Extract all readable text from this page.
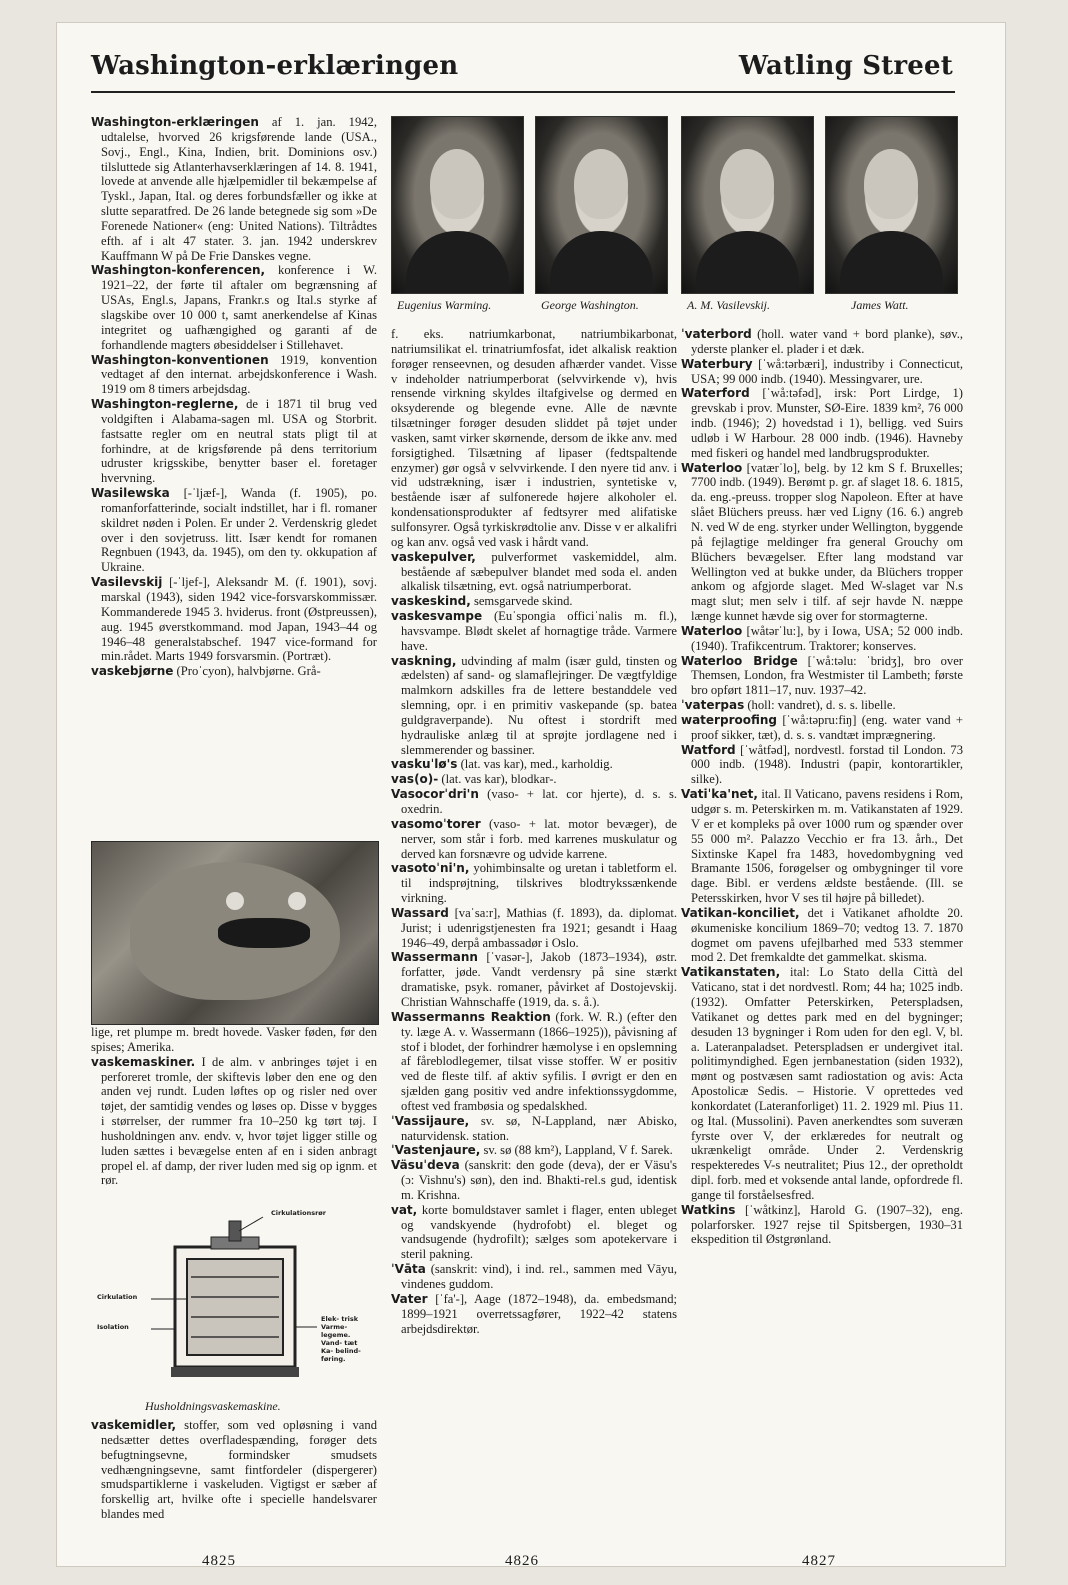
Washington-erklæringen	Watling Street
Eugenius Warming.	George Washington.	A. M. Vasilevskij.	James Watt.
Washington-erklæringen af 1. jan. 1942, udtalelse, hvorved 26 krigsførende lande (USA., Sovj., Engl., Kina, Indien, brit. Dominions osv.) tilsluttede sig Atlanterhavserklæringen af 14. 8. 1941, lovede at anvende alle hjælpemidler til bekæmpelse af Tyskl., Japan, Ital. og deres forbundsfæller og ikke at slutte separatfred. De 26 lande betegnede sig som »De Forenede Nationer« (eng: United Nations). Tiltrådtes efth. af i alt 47 stater. 3. jan. 1942 underskrev Kauffmann W på De Frie Danskes vegne.
Washington-konferencen, konference i W. 1921–22, der førte til aftaler om begrænsning af USAs, Engl.s, Japans, Frankr.s og Ital.s styrke af slagskibe over 10 000 t, samt anerkendelse af Kinas integritet og uafhængighed og garanti af de forhandlende magters øbesiddelser i Stillehavet.
Washington-konventionen 1919, konvention vedtaget af den internat. arbejdskonference i Wash. 1919 om 8 timers arbejdsdag.
Washington-reglerne, de i 1871 til brug ved voldgiften i Alabama-sagen ml. USA og Storbrit. fastsatte regler om en neutral stats pligt til at forhindre, at de krigsførende på dens territorium udruster krigsskibe, benytter baser el. foretager hvervning.
Wasilewska [-ˈljæf-], Wanda (f. 1905), po. romanforfatterinde, socialt indstillet, har i fl. romaner skildret nøden i Polen. Er under 2. Verdenskrig gledet over i den sovjetruss. litt. Især kendt for romanen Regnbuen (1943, da. 1945), om den ty. okkupation af Ukraine.
Vasilevskij [-ˈljef-], Aleksandr M. (f. 1901), sovj. marskal (1943), siden 1942 vice-forsvarskommissær. Kommanderede 1945 3. hviderus. front (Østpreussen), aug. 1945 øverstkommand. mod Japan, 1943–44 og 1946–48 generalstabschef. 1947 vice-formand for min.rådet. Marts 1949 forsvarsmin. (Portræt).
vaskebjørne (Proˈcyon), halvbjørne. Grå-
lige, ret plumpe m. bredt hovede. Vasker føden, før den spises; Amerika.
vaskemaskiner. I de alm. v anbringes tøjet i en perforeret tromle, der skiftevis løber den ene og den anden vej rundt. Luden løftes op og risler ned over tøjet, der samtidig vendes og løses op. Disse v bygges i størrelser, der rummer fra 10–250 kg tørt tøj. I husholdningen anv. endv. v, hvor tøjet ligger stille og luden sættes i bevægelse enten af en i siden anbragt propel el. af damp, der river luden med sig op ignm. et rør.
Cirkulationsrør
Cirkulation
Isolation
Elek- trisk Varme- legeme. Vand- tæt Ka- belind- føring.
Husholdningsvaskemaskine.
vaskemidler, stoffer, som ved opløsning i vand nedsætter dettes overfladespænding, forøger dets befugtningsevne, formindsker smudsets vedhængningsevne, samt fintfordeler (dispergerer) smudspartiklerne i vaskeluden. Vigtigst er sæber af forskellig art, hvilke ofte i specielle handelsvarer blandes med
f. eks. natriumkarbonat, natriumbikarbonat, natriumsilikat el. trinatriumfosfat, idet alkalisk reaktion forøger renseevnen, og desuden afhærder vandet. Visse v indeholder natriumperborat (selvvirkende v), hvis rensende virkning skyldes iltafgivelse og dermed en oksyderende og blegende evne. Alle de nævnte tilsætninger forøger desuden sliddet på tøjet under vasken, samt virker skørnende, dersom de ikke anv. med forsigtighed. Tilsætning af lipaser (fedtspaltende enzymer) gør også v selvvirkende. I den nyere tid anv. i vid udstrækning, især i industrien, syntetiske v, bestående især af sulfonerede højere alkoholer el. kondensationsprodukter af fedtsyrer med alifatiske sulfonsyrer. Også tyrkiskrødtolie anv. Disse v er alkalifri og kan anv. også ved vask i hårdt vand.
vaskepulver, pulverformet vaskemiddel, alm. bestående af sæbepulver blandet med soda el. anden alkalisk tilsætning, evt. også natriumperborat.
vaskeskind, semsgarvede skind.
vaskesvampe (Euˈspongia officiˈnalis m. fl.), havsvampe. Blødt skelet af hornagtige tråde. Varmere have.
vaskning, udvinding af malm (især guld, tinsten og ædelsten) af sand- og slamaflejringer. De vægtfyldige malmkorn adskilles fra de lettere bestanddele ved slemning, opr. i en primitiv vaskepande (sp. batea guldgraverpande). Nu oftest i stordrift med hydrauliske anlæg til at sprøjte jordlagene ned i slemmerender og bassiner.
vaskuˈlø's (lat. vas kar), med., karholdig.
vas(o)- (lat. vas kar), blodkar-.
Vasocorˈdri'n (vaso- + lat. cor hjerte), d. s. s. oxedrin.
vasomoˈtorer (vaso- + lat. motor bevæger), de nerver, som står i forb. med karrenes muskulatur og derved kan forsnævre og udvide karrene.
vasotoˈni'n, yohimbinsalte og uretan i tabletform el. til indsprøjtning, tilskrives blodtrykssænkende virkning.
Wassard [vaˈsa:r], Mathias (f. 1893), da. diplomat. Jurist; i udenrigstjenesten fra 1921; gesandt i Haag 1946–49, derpå ambassadør i Oslo.
Wassermann [ˈvasər-], Jakob (1873–1934), østr. forfatter, jøde. Vandt verdensry på sine stærkt dramatiske, psyk. romaner, påvirket af Dostojevskij. Christian Wahnschaffe (1919, da. s. å.).
Wassermanns Reaktion (fork. W. R.) (efter den ty. læge A. v. Wassermann (1866–1925)), påvisning af stof i blodet, der forhindrer hæmolyse i en opslemning af fåreblodlegemer, tilsat visse stoffer. W er positiv ved de fleste tilf. af aktiv syfilis. I øvrigt er den en sjælden gang positiv ved andre infektionssygdomme, oftest ved frambøsia og spedalskhed.
ˈVassijaure, sv. sø, N-Lappland, nær Abisko, naturvidensk. station.
ˈVastenjaure, sv. sø (88 km²), Lappland, V f. Sarek.
Väsuˈdeva (sanskrit: den gode (deva), der er Väsu's (ɔ: Vishnu's) søn), den ind. Bhakti-rel.s gud, identisk m. Krishna.
vat, korte bomuldstaver samlet i flager, enten ubleget og vandskyende (hydrofobt) el. bleget og vandsugende (hydrofilt); sælges som apotekervare i steril pakning.
ˈVāta (sanskrit: vind), i ind. rel., sammen med Vāyu, vindenes guddom.
Vater [ˈfa'-], Aage (1872–1948), da. embedsmand; 1899–1921 overretssagfører, 1922–42 statens arbejdsdirektør.
ˈvaterbord (holl. water vand + bord planke), søv., yderste planker el. plader i et dæk.
Waterbury [ˈwå:tərbæri], industriby i Connecticut, USA; 99 000 indb. (1940). Messingvarer, ure.
Waterford [ˈwå:təfəd], irsk: Port Lirdge, 1) grevskab i prov. Munster, SØ-Eire. 1839 km², 76 000 indb. (1946); 2) hovedstad i 1), belligg. ved Suirs udløb i W Harbour. 28 000 indb. (1946). Havneby med fiskeri og handel med landbrugsprodukter.
Waterloo [vatærˈlo], belg. by 12 km S f. Bruxelles; 7700 indb. (1949). Berømt p. gr. af slaget 18. 6. 1815, da. eng.-preuss. tropper slog Napoleon. Efter at have slået Blüchers preuss. hær ved Ligny (16. 6.) angreb N. ved W de eng. styrker under Wellington, byggende på fejlagtige meldinger fra general Grouchy om Blüchers bevægelser. Efter lang modstand var Wellington ved at bukke under, da Blüchers tropper ankom og afgjorde slaget. Med W-slaget var N.s magt slut; men selv i tilf. af sejr havde N. næppe længe kunnet hævde sig over for stormagterne.
Waterloo [wåtərˈlu:], by i Iowa, USA; 52 000 indb. (1940). Trafikcentrum. Traktorer; konserves.
Waterloo Bridge [ˈwå:təlu: ˈbridʒ], bro over Themsen, London, fra Westmister til Lambeth; første bro opført 1811–17, nuv. 1937–42.
ˈvaterpas (holl: vandret), d. s. s. libelle.
waterproofing [ˈwå:təpru:fiŋ] (eng. water vand + proof sikker, tæt), d. s. s. vandtæt imprægnering.
Watford [ˈwåtfəd], nordvestl. forstad til London. 73 000 indb. (1948). Industri (papir, kontorartikler, silke).
Vatiˈka'net, ital. Il Vaticano, pavens residens i Rom, udgør s. m. Peterskirken m. m. Vatikanstaten af 1929. V er et kompleks på over 1000 rum og spænder over 55 000 m². Palazzo Vecchio er fra 13. årh., Det Sixtinske Kapel fra 1483, hovedombygning ved Bramante 1506, forøgelser og ombygninger til vore dage. Bibl. er verdens ældste bestående. (Ill. se Petersskirken, hvor V ses til højre på billedet).
Vatikan-konciliet, det i Vatikanet afholdte 20. økumeniske koncilium 1869–70; vedtog 13. 7. 1870 dogmet om pavens ufejlbarhed med 533 stemmer mod 2. Det fremkaldte det gammelkat. skisma.
Vatikanstaten, ital: Lo Stato della Città del Vaticano, stat i det nordvestl. Rom; 44 ha; 1025 indb. (1932). Omfatter Peterskirken, Peterspladsen, Vatikanet og dettes park med en del bygninger; desuden 13 bygninger i Rom uden for den egl. V, bl. a. Lateranpaladset. Peterspladsen er undergivet ital. politimyndighed. Egen jernbanestation (siden 1932), mønt og postvæsen samt radiostation og avis: Acta Apostolicæ Sedis. – Historie. V oprettedes ved konkordatet (Lateranforliget) 11. 2. 1929 ml. Pius 11. og Ital. (Mussolini). Paven anerkendtes som suveræn fyrste over V, der erklæredes for neutralt og ukrænkeligt område. Under 2. Verdenskrig respekteredes V-s neutralitet; Pius 12., der opretholdt dipl. forb. med et voksende antal lande, opfordrede fl. gange til forståelsesfred.
Watkins [ˈwåtkinz], Harold G. (1907–32), eng. polarforsker. 1927 rejse til Spitsbergen, 1930–31 ekspedition til Østgrønland.
4825	4826	4827
